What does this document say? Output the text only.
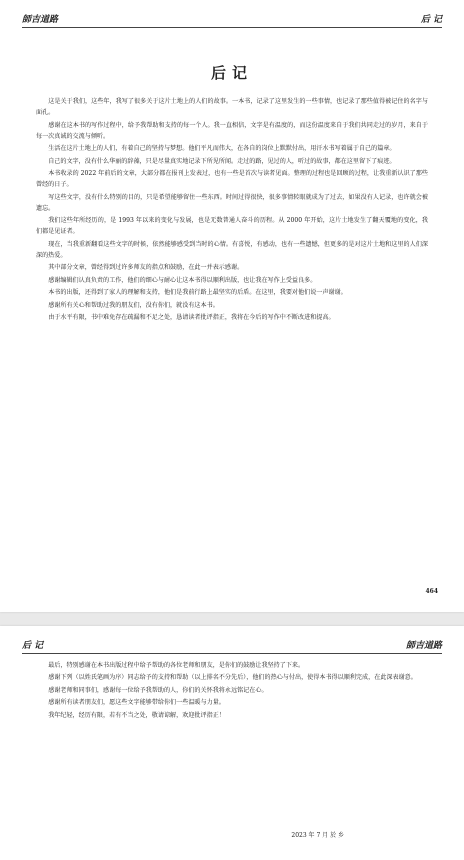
師吉道路	后 记
后记

这是关于我们，这些年，我写了很多关于这片土地上的人们的故事。一本书，记录了这里发生的一些事情，也记录了那些值得被记住的名字与面孔。

感谢在这本书的写作过程中，给予我帮助和支持的每一个人。我一直相信，文字是有温度的，而这份温度来自于我们共同走过的岁月，来自于每一次真诚的交流与倾听。

生活在这片土地上的人们，有着自己的坚持与梦想。他们平凡而伟大，在各自的岗位上默默付出，用汗水书写着属于自己的篇章。

自己的文字，没有什么华丽的辞藻，只是尽量真实地记录下所见所闻。走过的路，见过的人，听过的故事，都在这里留下了痕迹。

本书收录的 2022 年前后的文章，大部分都在报刊上发表过，也有一些是首次与读者见面。整理的过程也是回顾的过程，让我重新认识了那些曾经的日子。

写这些文字，没有什么特别的目的，只是希望能够留住一些东西。时间过得很快，很多事情转眼就成为了过去，如果没有人记录，也许就会被遗忘。

我们这些年所经历的，是 1993 年以来的变化与发展，也是无数普通人奋斗的历程。从 2000 年开始，这片土地发生了翻天覆地的变化，我们都是见证者。

现在，当我重新翻看这些文字的时候，依然能够感受到当时的心情。有喜悦，有感动，也有一些遗憾，但更多的是对这片土地和这里的人们深深的热爱。

其中部分文章，曾经得到过许多师友的指点和鼓励，在此一并表示感谢。

感谢编辑们认真负责的工作，他们的细心与耐心让这本书得以顺利出版，也让我在写作上受益良多。

本书的出版，还得到了家人的理解和支持，他们是我前行路上最坚实的后盾。在这里，我要对他们说一声谢谢。

感谢所有关心和帮助过我的朋友们，没有你们，就没有这本书。

由于水平有限，书中难免存在疏漏和不足之处，恳请读者批评指正，我将在今后的写作中不断改进和提高。

464
后 记	師吉道路

最后，特别感谢在本书出版过程中给予帮助的各位老师和朋友，是你们的鼓励让我坚持了下来。

感谢下列（以姓氏笔画为序）同志给予的支持和帮助（以上排名不分先后），他们的热心与付出，使得本书得以顺利完成，在此深表谢意。

感谢老师和同事们，感谢每一位给予我帮助的人，你们的关怀我将永远铭记在心。

感谢所有读者朋友们，愿这些文字能够带给你们一些温暖与力量。

我年纪轻，经历有限，若有不当之处，敬请谅解，欢迎批评指正！

2023 年 7 月 於 乡
